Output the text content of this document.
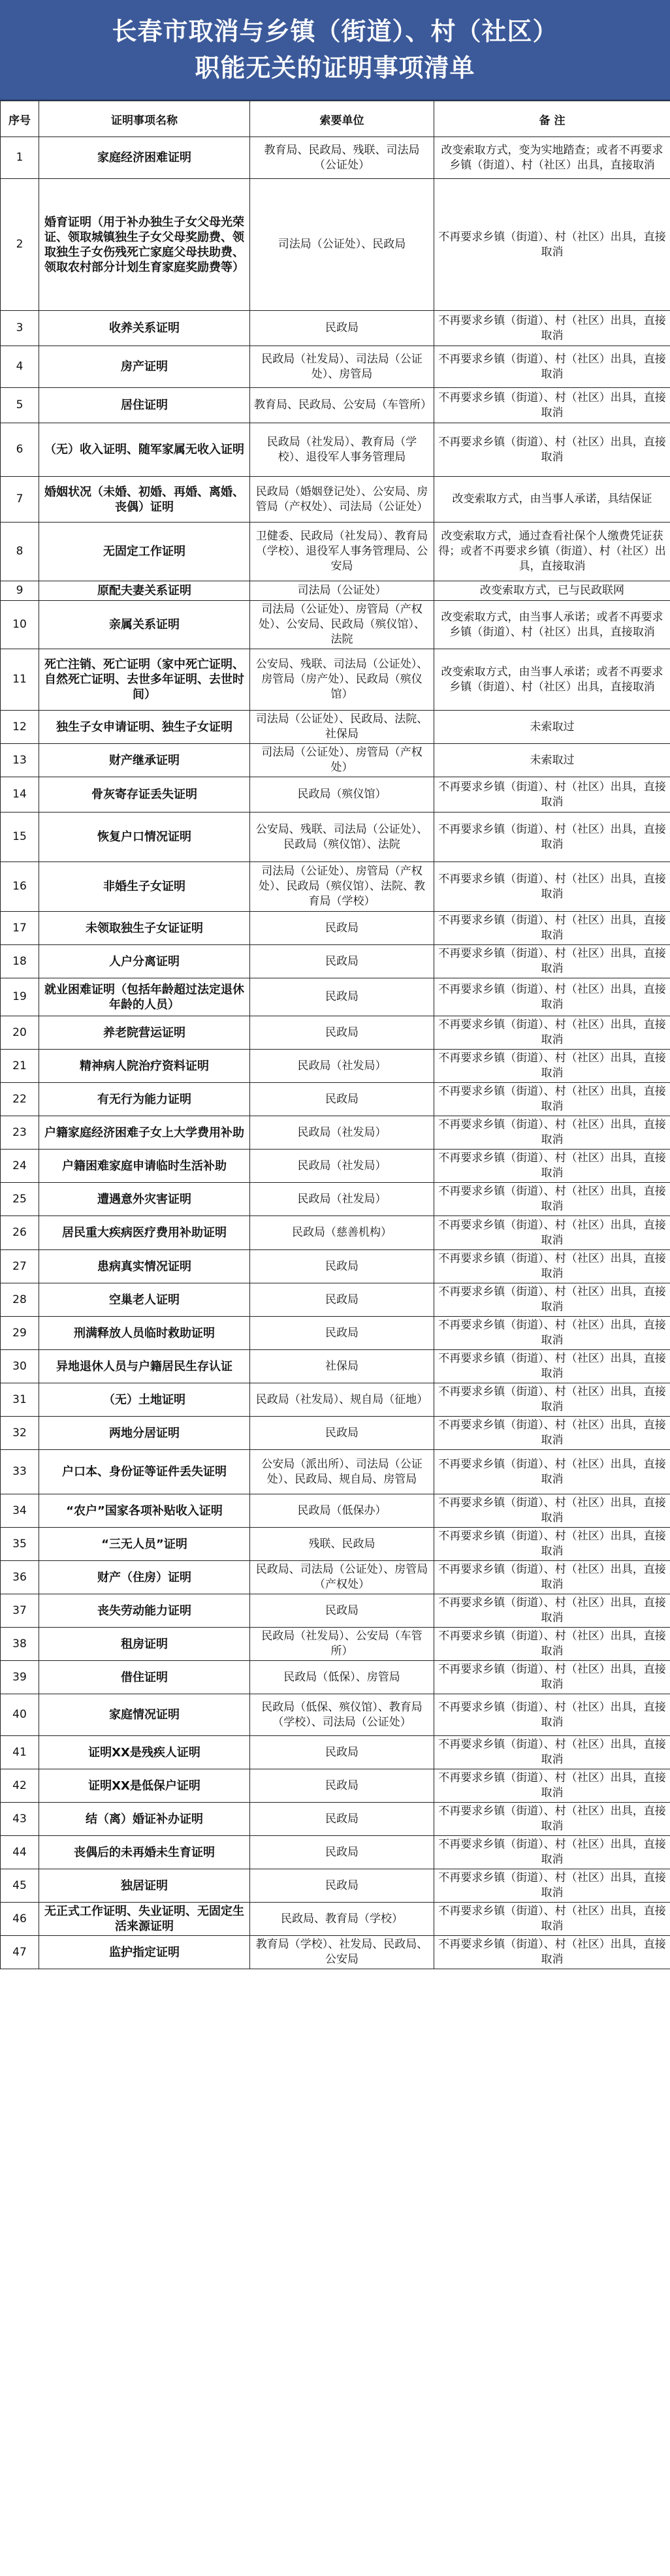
长春市取消与乡镇（街道）、村（社区）
职能无关的证明事项清单
序号	证明事项名称	索要单位	备 注
1	家庭经济困难证明	教育局、民政局、残联、司法局（公证处）	改变索取方式，变为实地踏查；或者不再要求乡镇（街道）、村（社区）出具，直接取消
2	婚育证明（用于补办独生子女父母光荣证、领取城镇独生子女父母奖励费、领取独生子女伤残死亡家庭父母扶助费、领取农村部分计划生育家庭奖励费等）	司法局（公证处）、民政局	不再要求乡镇（街道）、村（社区）出具，直接取消
3	收养关系证明	民政局	不再要求乡镇（街道）、村（社区）出具，直接取消
4	房产证明	民政局（社发局）、司法局（公证处）、房管局	不再要求乡镇（街道）、村（社区）出具，直接取消
5	居住证明	教育局、民政局、公安局（车管所）	不再要求乡镇（街道）、村（社区）出具，直接取消
6	（无）收入证明、随军家属无收入证明	民政局（社发局）、教育局（学校）、退役军人事务管理局	不再要求乡镇（街道）、村（社区）出具，直接取消
7	婚姻状况（未婚、初婚、再婚、离婚、丧偶）证明	民政局（婚姻登记处）、公安局、房管局（产权处）、司法局（公证处）	改变索取方式，由当事人承诺，具结保证
8	无固定工作证明	卫健委、民政局（社发局）、教育局（学校）、退役军人事务管理局、公安局	改变索取方式，通过查看社保个人缴费凭证获得；或者不再要求乡镇（街道）、村（社区）出具，直接取消
9	原配夫妻关系证明	司法局（公证处）	改变索取方式，已与民政联网
10	亲属关系证明	司法局（公证处）、房管局（产权处）、公安局、民政局（殡仪馆）、法院	改变索取方式，由当事人承诺；或者不再要求乡镇（街道）、村（社区）出具，直接取消
11	死亡注销、死亡证明（家中死亡证明、自然死亡证明、去世多年证明、去世时间）	公安局、残联、司法局（公证处）、房管局（房产处）、民政局（殡仪馆）	改变索取方式，由当事人承诺；或者不再要求乡镇（街道）、村（社区）出具，直接取消
12	独生子女申请证明、独生子女证明	司法局（公证处）、民政局、法院、社保局	未索取过
13	财产继承证明	司法局（公证处）、房管局（产权处）	未索取过
14	骨灰寄存证丢失证明	民政局（殡仪馆）	不再要求乡镇（街道）、村（社区）出具，直接取消
15	恢复户口情况证明	公安局、残联、司法局（公证处）、民政局（殡仪馆）、法院	不再要求乡镇（街道）、村（社区）出具，直接取消
16	非婚生子女证明	司法局（公证处）、房管局（产权处）、民政局（殡仪馆）、法院、教育局（学校）	不再要求乡镇（街道）、村（社区）出具，直接取消
17	未领取独生子女证证明	民政局	不再要求乡镇（街道）、村（社区）出具，直接取消
18	人户分离证明	民政局	不再要求乡镇（街道）、村（社区）出具，直接取消
19	就业困难证明（包括年龄超过法定退休年龄的人员）	民政局	不再要求乡镇（街道）、村（社区）出具，直接取消
20	养老院营运证明	民政局	不再要求乡镇（街道）、村（社区）出具，直接取消
21	精神病人院治疗资料证明	民政局（社发局）	不再要求乡镇（街道）、村（社区）出具，直接取消
22	有无行为能力证明	民政局	不再要求乡镇（街道）、村（社区）出具，直接取消
23	户籍家庭经济困难子女上大学费用补助	民政局（社发局）	不再要求乡镇（街道）、村（社区）出具，直接取消
24	户籍困难家庭申请临时生活补助	民政局（社发局）	不再要求乡镇（街道）、村（社区）出具，直接取消
25	遭遇意外灾害证明	民政局（社发局）	不再要求乡镇（街道）、村（社区）出具，直接取消
26	居民重大疾病医疗费用补助证明	民政局（慈善机构）	不再要求乡镇（街道）、村（社区）出具，直接取消
27	患病真实情况证明	民政局	不再要求乡镇（街道）、村（社区）出具，直接取消
28	空巢老人证明	民政局	不再要求乡镇（街道）、村（社区）出具，直接取消
29	刑满释放人员临时救助证明	民政局	不再要求乡镇（街道）、村（社区）出具，直接取消
30	异地退休人员与户籍居民生存认证	社保局	不再要求乡镇（街道）、村（社区）出具，直接取消
31	（无）土地证明	民政局（社发局）、规自局（征地）	不再要求乡镇（街道）、村（社区）出具，直接取消
32	两地分居证明	民政局	不再要求乡镇（街道）、村（社区）出具，直接取消
33	户口本、身份证等证件丢失证明	公安局（派出所）、司法局（公证处）、民政局、规自局、房管局	不再要求乡镇（街道）、村（社区）出具，直接取消
34	“农户”国家各项补贴收入证明	民政局（低保办）	不再要求乡镇（街道）、村（社区）出具，直接取消
35	“三无人员”证明	残联、民政局	不再要求乡镇（街道）、村（社区）出具，直接取消
36	财产（住房）证明	民政局、司法局（公证处）、房管局（产权处）	不再要求乡镇（街道）、村（社区）出具，直接取消
37	丧失劳动能力证明	民政局	不再要求乡镇（街道）、村（社区）出具，直接取消
38	租房证明	民政局（社发局）、公安局（车管所）	不再要求乡镇（街道）、村（社区）出具，直接取消
39	借住证明	民政局（低保）、房管局	不再要求乡镇（街道）、村（社区）出具，直接取消
40	家庭情况证明	民政局（低保、殡仪馆）、教育局（学校）、司法局（公证处）	不再要求乡镇（街道）、村（社区）出具，直接取消
41	证明XX是残疾人证明	民政局	不再要求乡镇（街道）、村（社区）出具，直接取消
42	证明XX是低保户证明	民政局	不再要求乡镇（街道）、村（社区）出具，直接取消
43	结（离）婚证补办证明	民政局	不再要求乡镇（街道）、村（社区）出具，直接取消
44	丧偶后的未再婚未生育证明	民政局	不再要求乡镇（街道）、村（社区）出具，直接取消
45	独居证明	民政局	不再要求乡镇（街道）、村（社区）出具，直接取消
46	无正式工作证明、失业证明、无固定生活来源证明	民政局、教育局（学校）	不再要求乡镇（街道）、村（社区）出具，直接取消
47	监护指定证明	教育局（学校）、社发局、民政局、公安局	不再要求乡镇（街道）、村（社区）出具，直接取消
